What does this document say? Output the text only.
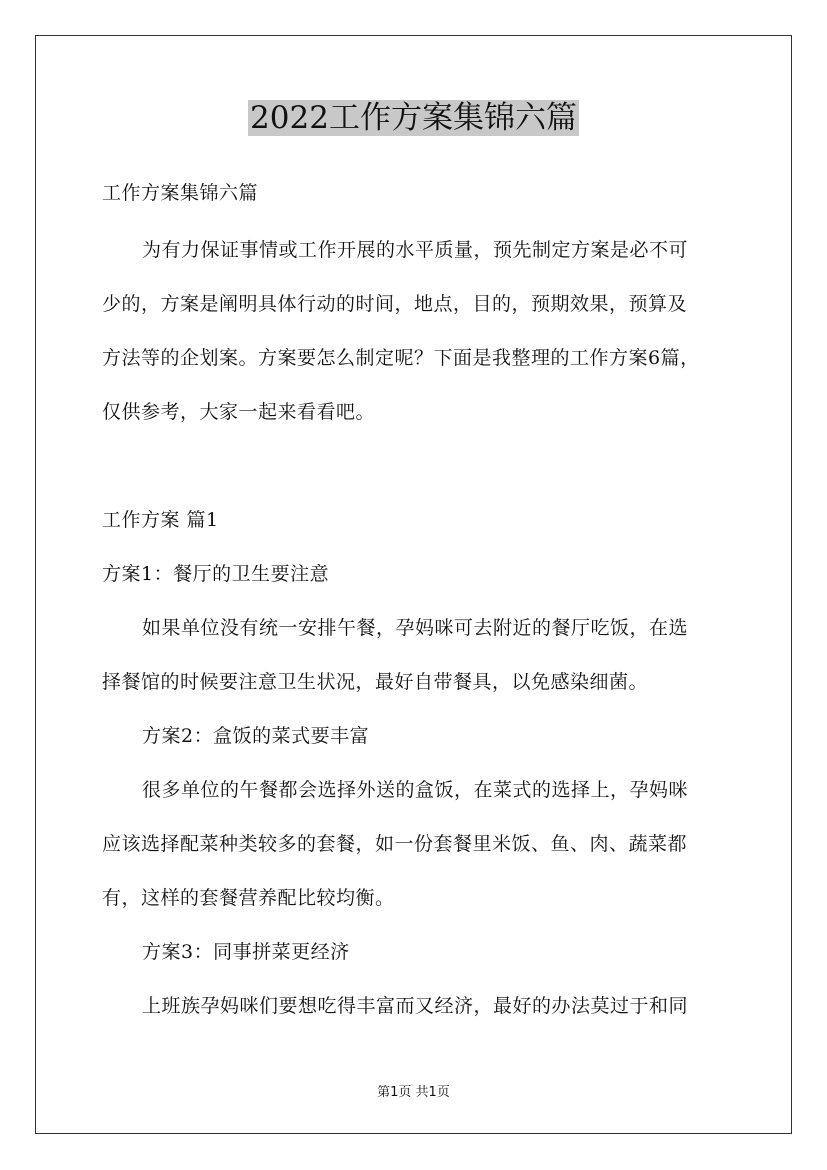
2022工作方案集锦六篇
工作方案集锦六篇
为有力保证事情或工作开展的水平质量，预先制定方案是必不可
少的，方案是阐明具体行动的时间，地点，目的，预期效果，预算及
方法等的企划案。方案要怎么制定呢？下面是我整理的工作方案6篇，
仅供参考，大家一起来看看吧。
工作方案 篇1
方案1：餐厅的卫生要注意
如果单位没有统一安排午餐，孕妈咪可去附近的餐厅吃饭，在选
择餐馆的时候要注意卫生状况，最好自带餐具，以免感染细菌。
方案2：盒饭的菜式要丰富
很多单位的午餐都会选择外送的盒饭，在菜式的选择上，孕妈咪
应该选择配菜种类较多的套餐，如一份套餐里米饭、鱼、肉、蔬菜都
有，这样的套餐营养配比较均衡。
方案3：同事拼菜更经济
上班族孕妈咪们要想吃得丰富而又经济，最好的办法莫过于和同
第1页 共1页
